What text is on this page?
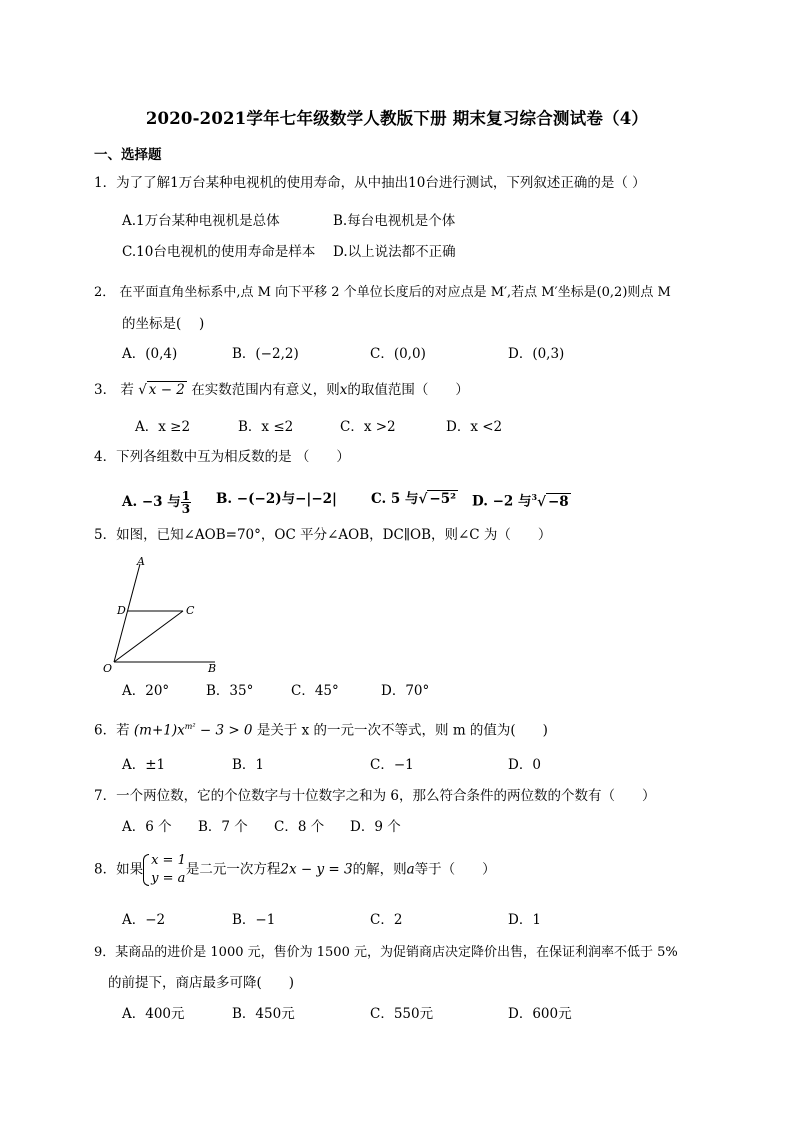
2020-2021学年七年级数学人教版下册 期末复习综合测试卷（4）
一、选择题
1．为了了解1万台某种电视机的使用寿命，从中抽出10台进行测试，下列叙述正确的是（ ）
A.1万台某种电视机是总体	B.每台电视机是个体
C.10台电视机的使用寿命是样本 D.以上说法都不正确
2． 在平面直角坐标系中,点 M 向下平移 2 个单位长度后的对应点是 M′,若点 M′坐标是(0,2)则点 M
的坐标是(　 )
A．(0,4)	B．(−2,2)	C．(0,0)	D．(0,3)
3． 若 √ x − 2 在实数范围内有意义，则x的取值范围（　　）
A．x ≥2	B．x ≤2	C．x >2	D．x <2
4．下列各组数中互为相反数的是 （　　）
A. −3 与 $\frac{1}{3} B$. −(−2)与−|−2|	C. 5 与√ −5² D. −2 与$^3$√ −8
5．如图，已知∠AOB=70°，OC 平分∠AOB，DC∥OB，则∠C 为（　　）
A
B
C
D
O
A．20°	B．35°	C．45°	D．70°
6．若 $(m+1)x^{m^2} - 3 > 0$ 是关于 x 的一元一次不等式，则 m 的值为(　　)
A．±1	B．1	C．−1	D．0
7．一个两位数，它的个位数字与十位数字之和为 6，那么符合条件的两位数的个数有（　　）
A．6 个 B．7 个 C．8 个 D．9 个
8．如果
x = 1
y = a
是二元一次方程2x − y = 3的解，则a等于（　　）
A．−2	B．−1	C．2	D．1
9．某商品的进价是 1000 元，售价为 1500 元，为促销商店决定降价出售，在保证利润率不低于 5%
的前提下，商店最多可降(　　)
A．400元	B．450元	C．550元	D．600元
